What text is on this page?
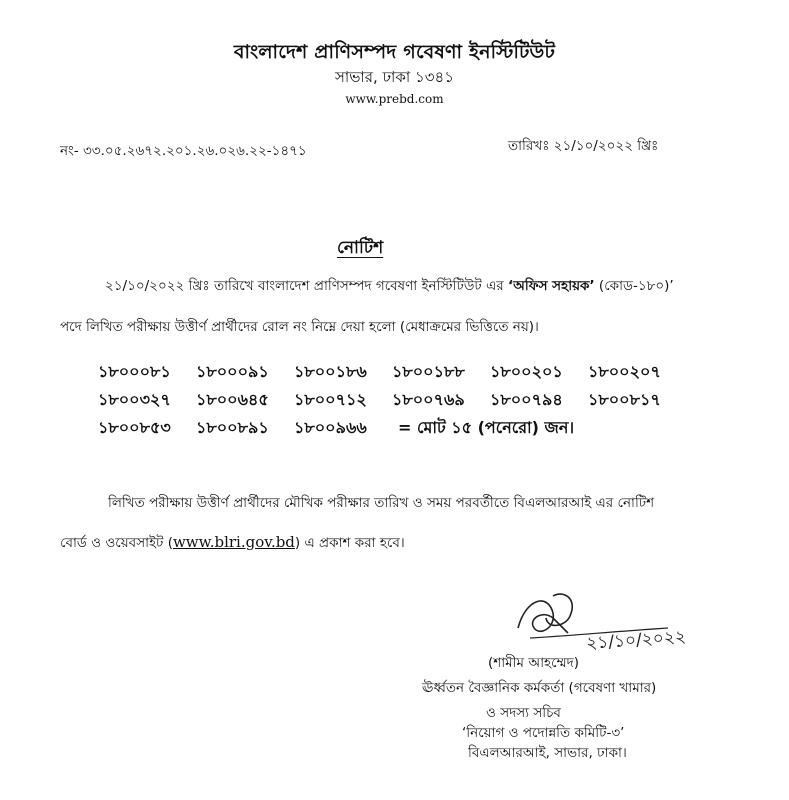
বাংলাদেশ প্রাণিসম্পদ গবেষণা ইনস্টিটিউট
সাভার, ঢাকা ১৩৪১
www.prebd.com
নং- ৩৩.০৫.২৬৭২.২০১.২৬.০২৬.২২-১৪৭১	তারিখঃ ২১/১০/২০২২ খ্রিঃ
নোটিশ
২১/১০/২০২২ খ্রিঃ তারিখে বাংলাদেশ প্রাণিসম্পদ গবেষণা ইনস্টিটিউট এর ‘অফিস সহায়ক’ (কোড-১৮০)’
পদে লিখিত পরীক্ষায় উত্তীর্ণ প্রার্থীদের রোল নং নিম্নে দেয়া হলো (মেধাক্রমের ভিত্তিতে নয়)।
১৮০০০৮১	১৮০০০৯১	১৮০০১৮৬	১৮০০১৮৮	১৮০০২০১	১৮০০২০৭
১৮০০৩২৭	১৮০০৬৪৫	১৮০০৭১২	১৮০০৭৬৯	১৮০০৭৯৪	১৮০০৮১৭
১৮০০৮৫৩	১৮০০৮৯১	১৮০০৯৬৬	= মোট ১৫ (পনেরো) জন।
লিখিত পরীক্ষায় উত্তীর্ণ প্রার্থীদের মৌখিক পরীক্ষার তারিখ ও সময় পরবর্তীতে বিএলআরআই এর নোটিশ
বোর্ড ও ওয়েবসাইট (www.blri.gov.bd) এ প্রকাশ করা হবে।
২১/১০/২০২২
(শামীম আহম্মেদ)
ঊর্ধ্বতন বৈজ্ঞানিক কর্মকর্তা (গবেষণা খামার)
ও সদস্য সচিব
‘নিয়োগ ও পদোন্নতি কমিটি-৩’
বিএলআরআই, সাভার, ঢাকা।
